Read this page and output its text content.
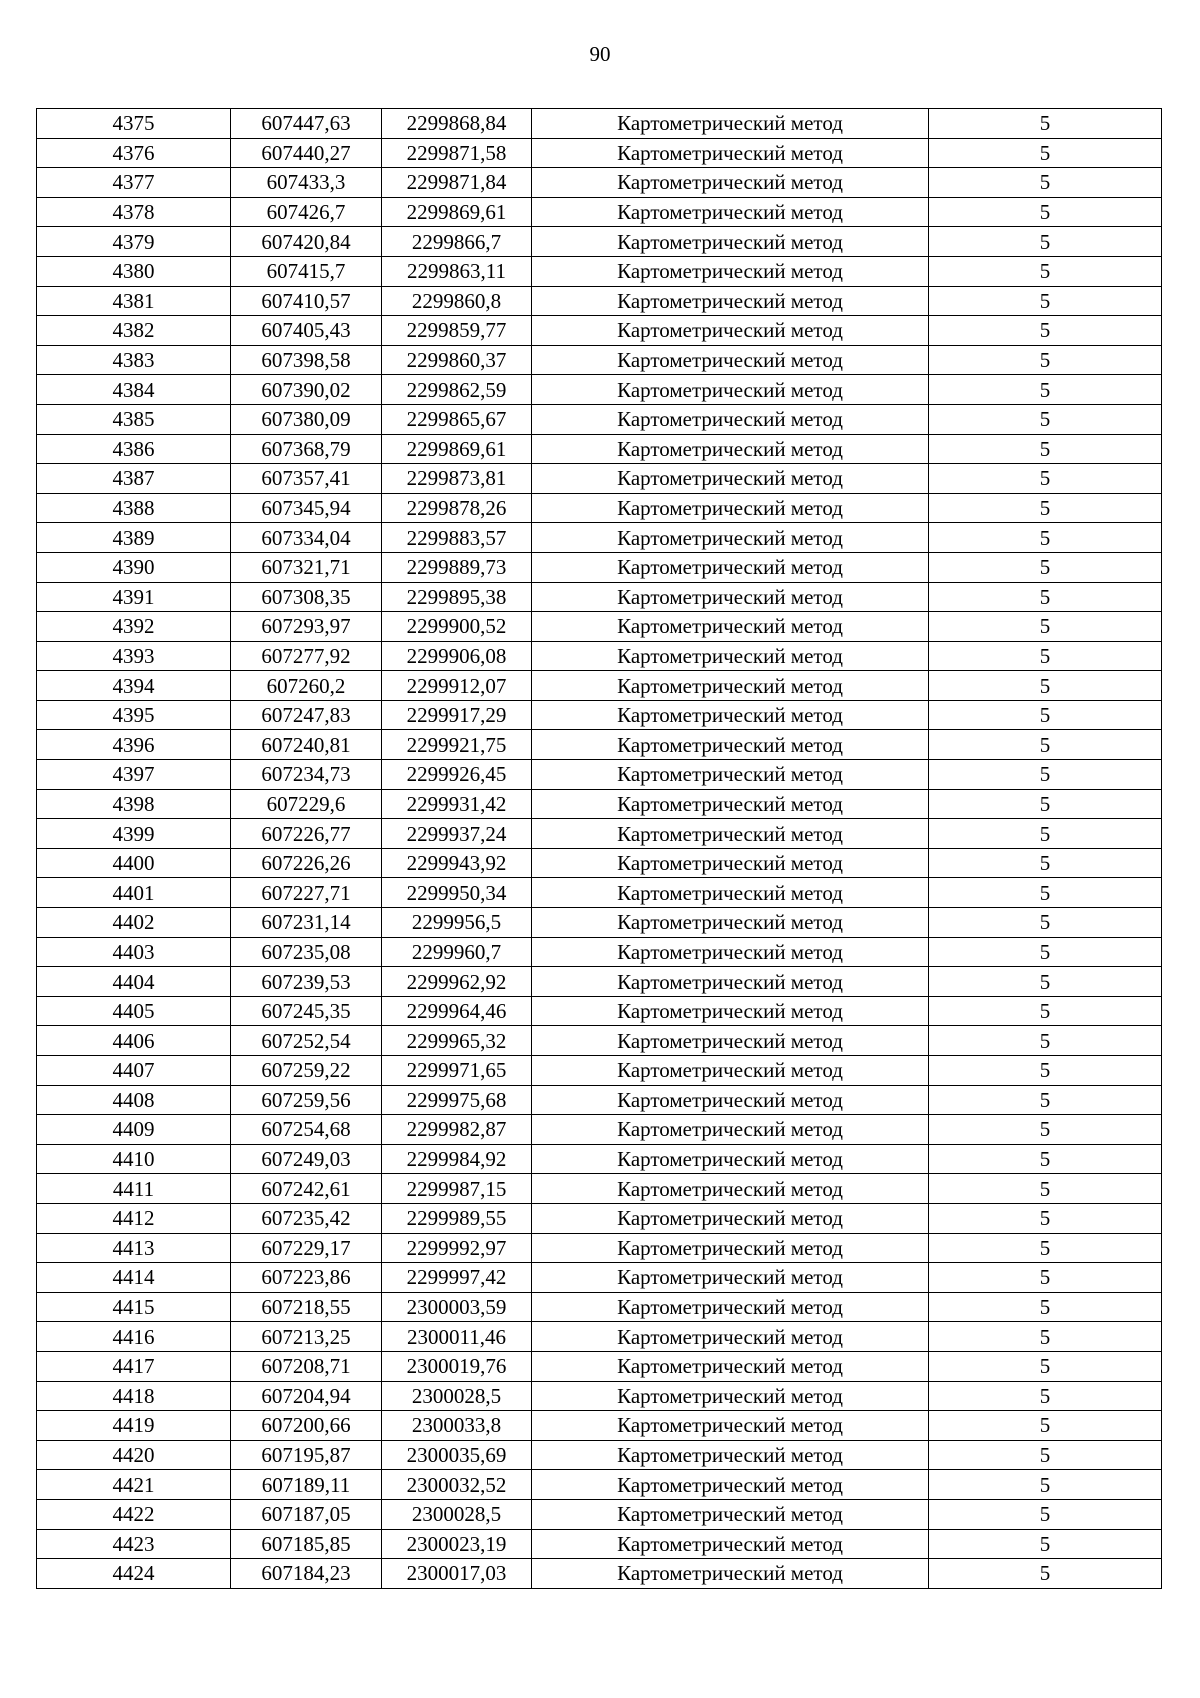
90
4375	607447,63	2299868,84	Картометрический метод	5
4376	607440,27	2299871,58	Картометрический метод	5
4377	607433,3	2299871,84	Картометрический метод	5
4378	607426,7	2299869,61	Картометрический метод	5
4379	607420,84	2299866,7	Картометрический метод	5
4380	607415,7	2299863,11	Картометрический метод	5
4381	607410,57	2299860,8	Картометрический метод	5
4382	607405,43	2299859,77	Картометрический метод	5
4383	607398,58	2299860,37	Картометрический метод	5
4384	607390,02	2299862,59	Картометрический метод	5
4385	607380,09	2299865,67	Картометрический метод	5
4386	607368,79	2299869,61	Картометрический метод	5
4387	607357,41	2299873,81	Картометрический метод	5
4388	607345,94	2299878,26	Картометрический метод	5
4389	607334,04	2299883,57	Картометрический метод	5
4390	607321,71	2299889,73	Картометрический метод	5
4391	607308,35	2299895,38	Картометрический метод	5
4392	607293,97	2299900,52	Картометрический метод	5
4393	607277,92	2299906,08	Картометрический метод	5
4394	607260,2	2299912,07	Картометрический метод	5
4395	607247,83	2299917,29	Картометрический метод	5
4396	607240,81	2299921,75	Картометрический метод	5
4397	607234,73	2299926,45	Картометрический метод	5
4398	607229,6	2299931,42	Картометрический метод	5
4399	607226,77	2299937,24	Картометрический метод	5
4400	607226,26	2299943,92	Картометрический метод	5
4401	607227,71	2299950,34	Картометрический метод	5
4402	607231,14	2299956,5	Картометрический метод	5
4403	607235,08	2299960,7	Картометрический метод	5
4404	607239,53	2299962,92	Картометрический метод	5
4405	607245,35	2299964,46	Картометрический метод	5
4406	607252,54	2299965,32	Картометрический метод	5
4407	607259,22	2299971,65	Картометрический метод	5
4408	607259,56	2299975,68	Картометрический метод	5
4409	607254,68	2299982,87	Картометрический метод	5
4410	607249,03	2299984,92	Картометрический метод	5
4411	607242,61	2299987,15	Картометрический метод	5
4412	607235,42	2299989,55	Картометрический метод	5
4413	607229,17	2299992,97	Картометрический метод	5
4414	607223,86	2299997,42	Картометрический метод	5
4415	607218,55	2300003,59	Картометрический метод	5
4416	607213,25	2300011,46	Картометрический метод	5
4417	607208,71	2300019,76	Картометрический метод	5
4418	607204,94	2300028,5	Картометрический метод	5
4419	607200,66	2300033,8	Картометрический метод	5
4420	607195,87	2300035,69	Картометрический метод	5
4421	607189,11	2300032,52	Картометрический метод	5
4422	607187,05	2300028,5	Картометрический метод	5
4423	607185,85	2300023,19	Картометрический метод	5
4424	607184,23	2300017,03	Картометрический метод	5
